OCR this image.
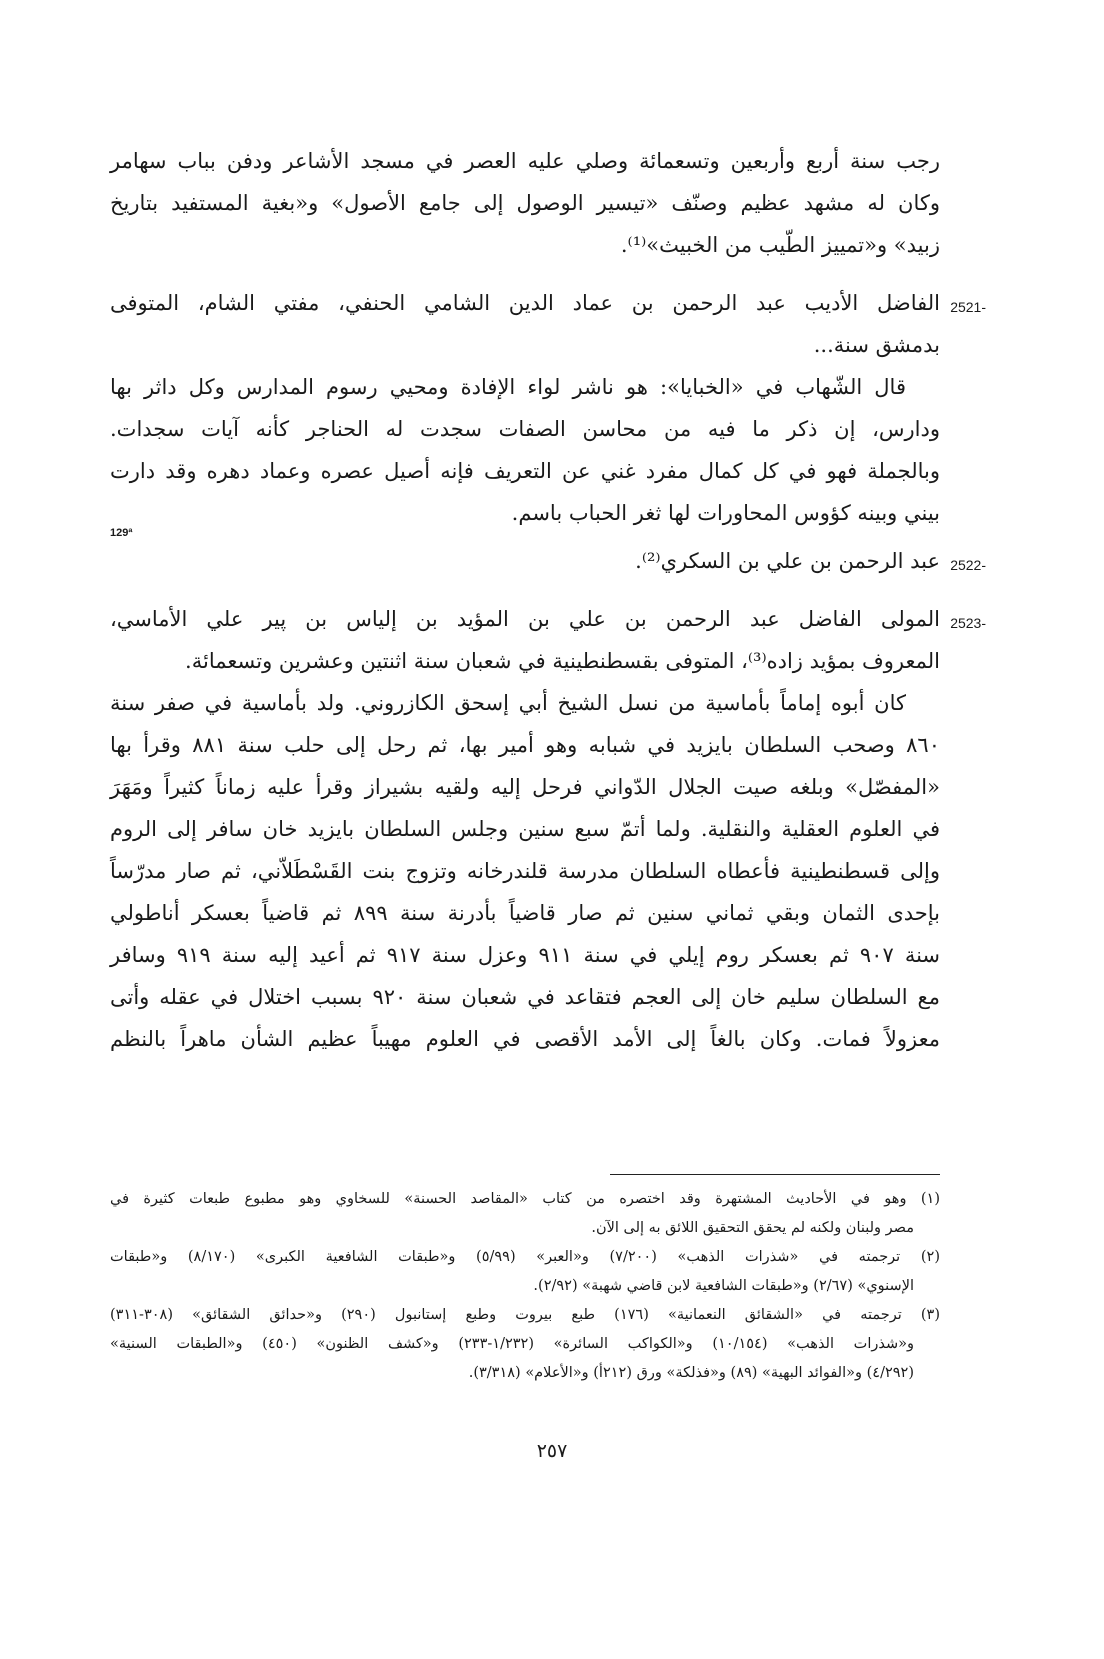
رجب سنة أربع وأربعين وتسعمائة وصلي عليه العصر في مسجد الأشاعر ودفن بباب سهامر
وكان له مشهد عظيم وصنّف «تيسير الوصول إلى جامع الأصول» و«بغية المستفيد بتاريخ
زبيد» و«تمييز الطّيب من الخبيث»⁽¹⁾.
2521-
الفاضل الأديب عبد الرحمن بن عماد الدين الشامي الحنفي، مفتي الشام، المتوفى
بدمشق سنة...
قال الشّهاب في «الخبايا»: هو ناشر لواء الإفادة ومحيي رسوم المدارس وكل داثر بها
ودارس، إن ذكر ما فيه من محاسن الصفات سجدت له الحناجر كأنه آيات سجدات.
وبالجملة فهو في كل كمال مفرد غني عن التعريف فإنه أصيل عصره وعماد دهره وقد دارت
بيني وبينه كؤوس المحاورات لها ثغر الحباب باسم.
129ª
2522-
عبد الرحمن بن علي بن السكري⁽²⁾.
2523-
المولى الفاضل عبد الرحمن بن علي بن المؤيد بن إلياس بن پير علي الأماسي،
المعروف بمؤيد زاده⁽³⁾، المتوفى بقسطنطينية في شعبان سنة اثنتين وعشرين وتسعمائة.
كان أبوه إماماً بأماسية من نسل الشيخ أبي إسحق الكازروني. ولد بأماسية في صفر سنة
٨٦٠ وصحب السلطان بايزيد في شبابه وهو أمير بها، ثم رحل إلى حلب سنة ٨٨١ وقرأ بها
«المفصّل» وبلغه صيت الجلال الدّواني فرحل إليه ولقيه بشيراز وقرأ عليه زماناً كثيراً ومَهَرَ
في العلوم العقلية والنقلية. ولما أتمّ سبع سنين وجلس السلطان بايزيد خان سافر إلى الروم
وإلى قسطنطينية فأعطاه السلطان مدرسة قلندرخانه وتزوج بنت القَسْطَلاّني، ثم صار مدرّساً
بإحدى الثمان وبقي ثماني سنين ثم صار قاضياً بأدرنة سنة ٨٩٩ ثم قاضياً بعسكر أناطولي
سنة ٩٠٧ ثم بعسكر روم إيلي في سنة ٩١١ وعزل سنة ٩١٧ ثم أعيد إليه سنة ٩١٩ وسافر
مع السلطان سليم خان إلى العجم فتقاعد في شعبان سنة ٩٢٠ بسبب اختلال في عقله وأتى
معزولاً فمات. وكان بالغاً إلى الأمد الأقصى في العلوم مهيباً عظيم الشأن ماهراً بالنظم
(١) وهو في الأحاديث المشتهرة وقد اختصره من كتاب «المقاصد الحسنة» للسخاوي وهو مطبوع طبعات كثيرة في
مصر ولبنان ولكنه لم يحقق التحقيق اللائق به إلى الآن.
(٢) ترجمته في «شذرات الذهب» (٧/٢٠٠) و«العبر» (٥/٩٩) و«طبقات الشافعية الكبرى» (٨/١٧٠) و«طبقات
الإسنوي» (٢/٦٧) و«طبقات الشافعية لابن قاضي شهبة» (٢/٩٢).
(٣) ترجمته في «الشقائق النعمانية» (١٧٦) طبع بيروت وطبع إستانبول (٢٩٠) و«حدائق الشقائق» (٣٠٨-٣١١)
و«شذرات الذهب» (١٠/١٥٤) و«الكواكب السائرة» (١/٢٣٢-٢٣٣) و«كشف الظنون» (٤٥٠) و«الطبقات السنية»
(٤/٢٩٢) و«الفوائد البهية» (٨٩) و«فذلكة» ورق (٢١٢أ) و«الأعلام» (٣/٣١٨).
٢٥٧
